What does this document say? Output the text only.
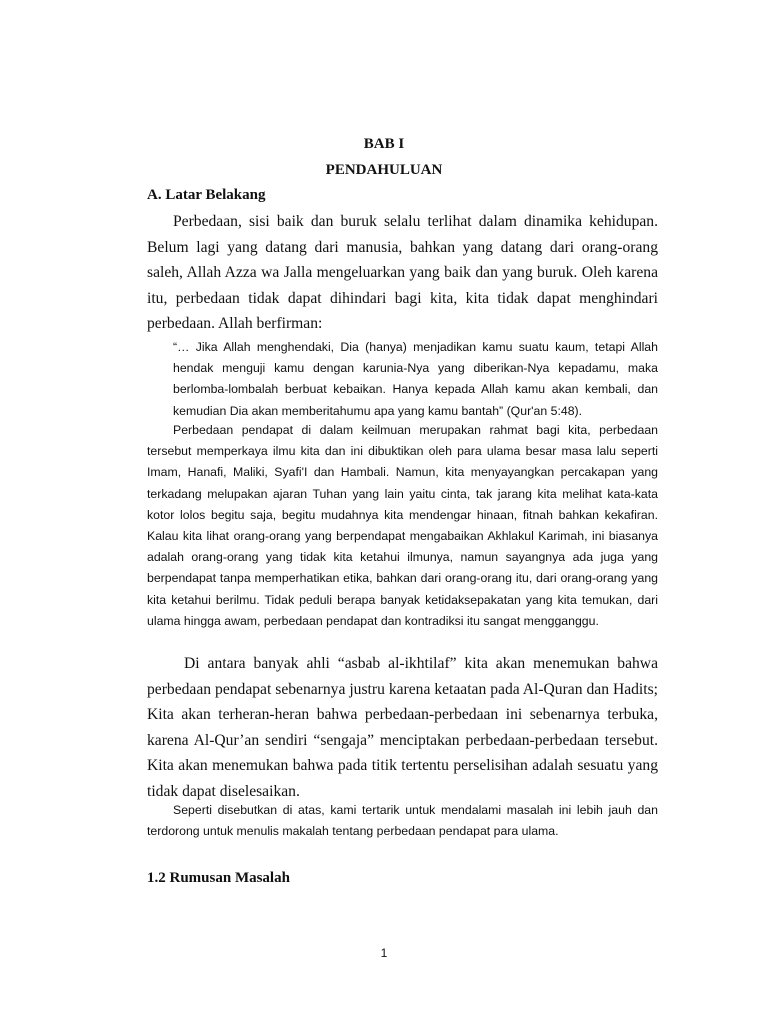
BAB I
PENDAHULUAN
A. Latar Belakang

Perbedaan, sisi baik dan buruk selalu terlihat dalam dinamika kehidupan. Belum lagi yang datang dari manusia, bahkan yang datang dari orang-orang saleh, Allah Azza wa Jalla mengeluarkan yang baik dan yang buruk. Oleh karena itu, perbedaan tidak dapat dihindari bagi kita, kita tidak dapat menghindari perbedaan. Allah berfirman:

“… Jika Allah menghendaki, Dia (hanya) menjadikan kamu suatu kaum, tetapi Allah hendak menguji kamu dengan karunia-Nya yang diberikan-Nya kepadamu, maka berlomba-lombalah berbuat kebaikan. Hanya kepada Allah kamu akan kembali, dan kemudian Dia akan memberitahumu apa yang kamu bantah” (Qur'an 5:48).

Perbedaan pendapat di dalam keilmuan merupakan rahmat bagi kita, perbedaan tersebut memperkaya ilmu kita dan ini dibuktikan oleh para ulama besar masa lalu seperti Imam, Hanafi, Maliki, Syafi'I dan Hambali. Namun, kita menyayangkan percakapan yang terkadang melupakan ajaran Tuhan yang lain yaitu cinta, tak jarang kita melihat kata-kata kotor lolos begitu saja, begitu mudahnya kita mendengar hinaan, fitnah bahkan kekafiran. Kalau kita lihat orang-orang yang berpendapat mengabaikan Akhlakul Karimah, ini biasanya adalah orang-orang yang tidak kita ketahui ilmunya, namun sayangnya ada juga yang berpendapat tanpa memperhatikan etika, bahkan dari orang-orang itu, dari orang-orang yang kita ketahui berilmu. Tidak peduli berapa banyak ketidaksepakatan yang kita temukan, dari ulama hingga awam, perbedaan pendapat dan kontradiksi itu sangat mengganggu.

Di antara banyak ahli “asbab al-ikhtilaf” kita akan menemukan bahwa perbedaan pendapat sebenarnya justru karena ketaatan pada Al-Quran dan Hadits; Kita akan terheran-heran bahwa perbedaan-perbedaan ini sebenarnya terbuka, karena Al-Qur’an sendiri “sengaja” menciptakan perbedaan-perbedaan tersebut. Kita akan menemukan bahwa pada titik tertentu perselisihan adalah sesuatu yang tidak dapat diselesaikan.

Seperti disebutkan di atas, kami tertarik untuk mendalami masalah ini lebih jauh dan terdorong untuk menulis makalah tentang perbedaan pendapat para ulama.

1.2 Rumusan Masalah
1
